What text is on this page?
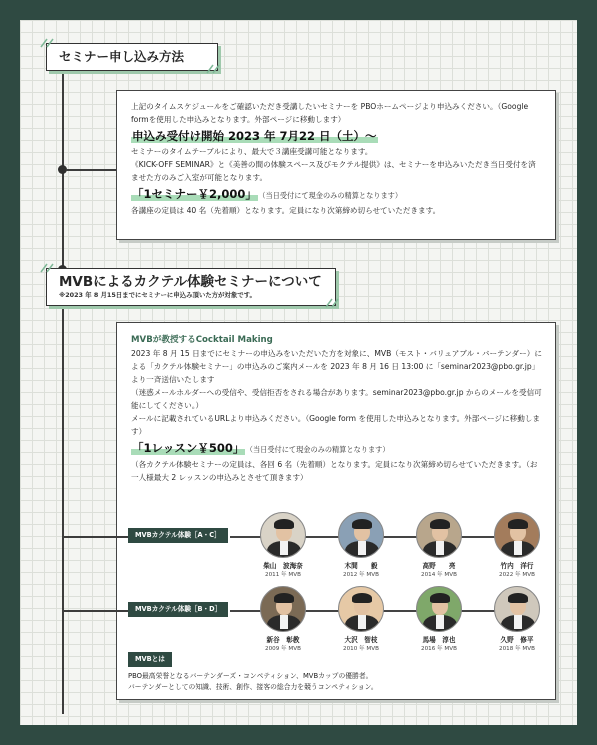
セミナー申し込み方法

上記のタイムスケジュールをご確認いただき受講したいセミナーを PBOホームページより申込みください。（Google formを使用した申込みとなります。外部ページに移動します）

申込み受付け開始 2023 年 7月22 日（土）～

セミナーのタイムテーブルにより、最大で３講座受講可能となります。

《KICK-OFF SEMINAR》と《美善の間の体験スペース及びモクテル提供》は、セミナーを申込みいただき当日受付を済ませた方のみご入室が可能となります。

「1セミナー￥2,000」 （当日受付にて現金のみの精算となります）

各講座の定員は 40 名（先着順）となります。定員になり次第締め切らせていただきます。

MVBによるカクテル体験セミナーについて
※2023 年 8 月15日までにセミナーに申込み頂いた方が対象です。
MVBが教授するCocktail Making

2023 年 8 月 15 日までにセミナーの申込みをいただいた方を対象に、MVB（モスト・バリュアブル・バーテンダー）による「カクテル体験セミナー」の申込みのご案内メールを 2023 年 8 月 16 日 13:00 に「seminar2023@pbo.gr.jp」より一斉送信いたします

（迷惑メールホルダーへの受信や、受信拒否をされる場合があります。seminar2023@pbo.gr.jp からのメールを受信可能にしてください。）

メールに記載されているURLより申込みください。（Google form を使用した申込みとなります。外部ページに移動します）

「1レッスン￥500」 （当日受付にて現金のみの精算となります）

（各カクテル体験セミナーの定員は、各回 6 名（先着順）となります。定員になり次第締め切らせていただきます。（お一人様最大 2 レッスンの申込みとさせて頂きます）

MVBカクテル体験［A・C］
柴山　波海奈
2011 年 MVB
木間　　毅
2012 年 MVB
高野　　亮
2014 年 MVB
竹内　洋行
2022 年 MVB
MVBカクテル体験［B・D］
新谷　彰教
2009 年 MVB
大沢　智枝
2010 年 MVB
馬場　淳也
2016 年 MVB
久野　修平
2018 年 MVB
MVBとは
PBO最高栄誉となるバーテンダーズ・コンペティション、MVBカップの優勝者。
バーテンダーとしての知識、技術、創作、接客の総合力を競うコンペティション。
